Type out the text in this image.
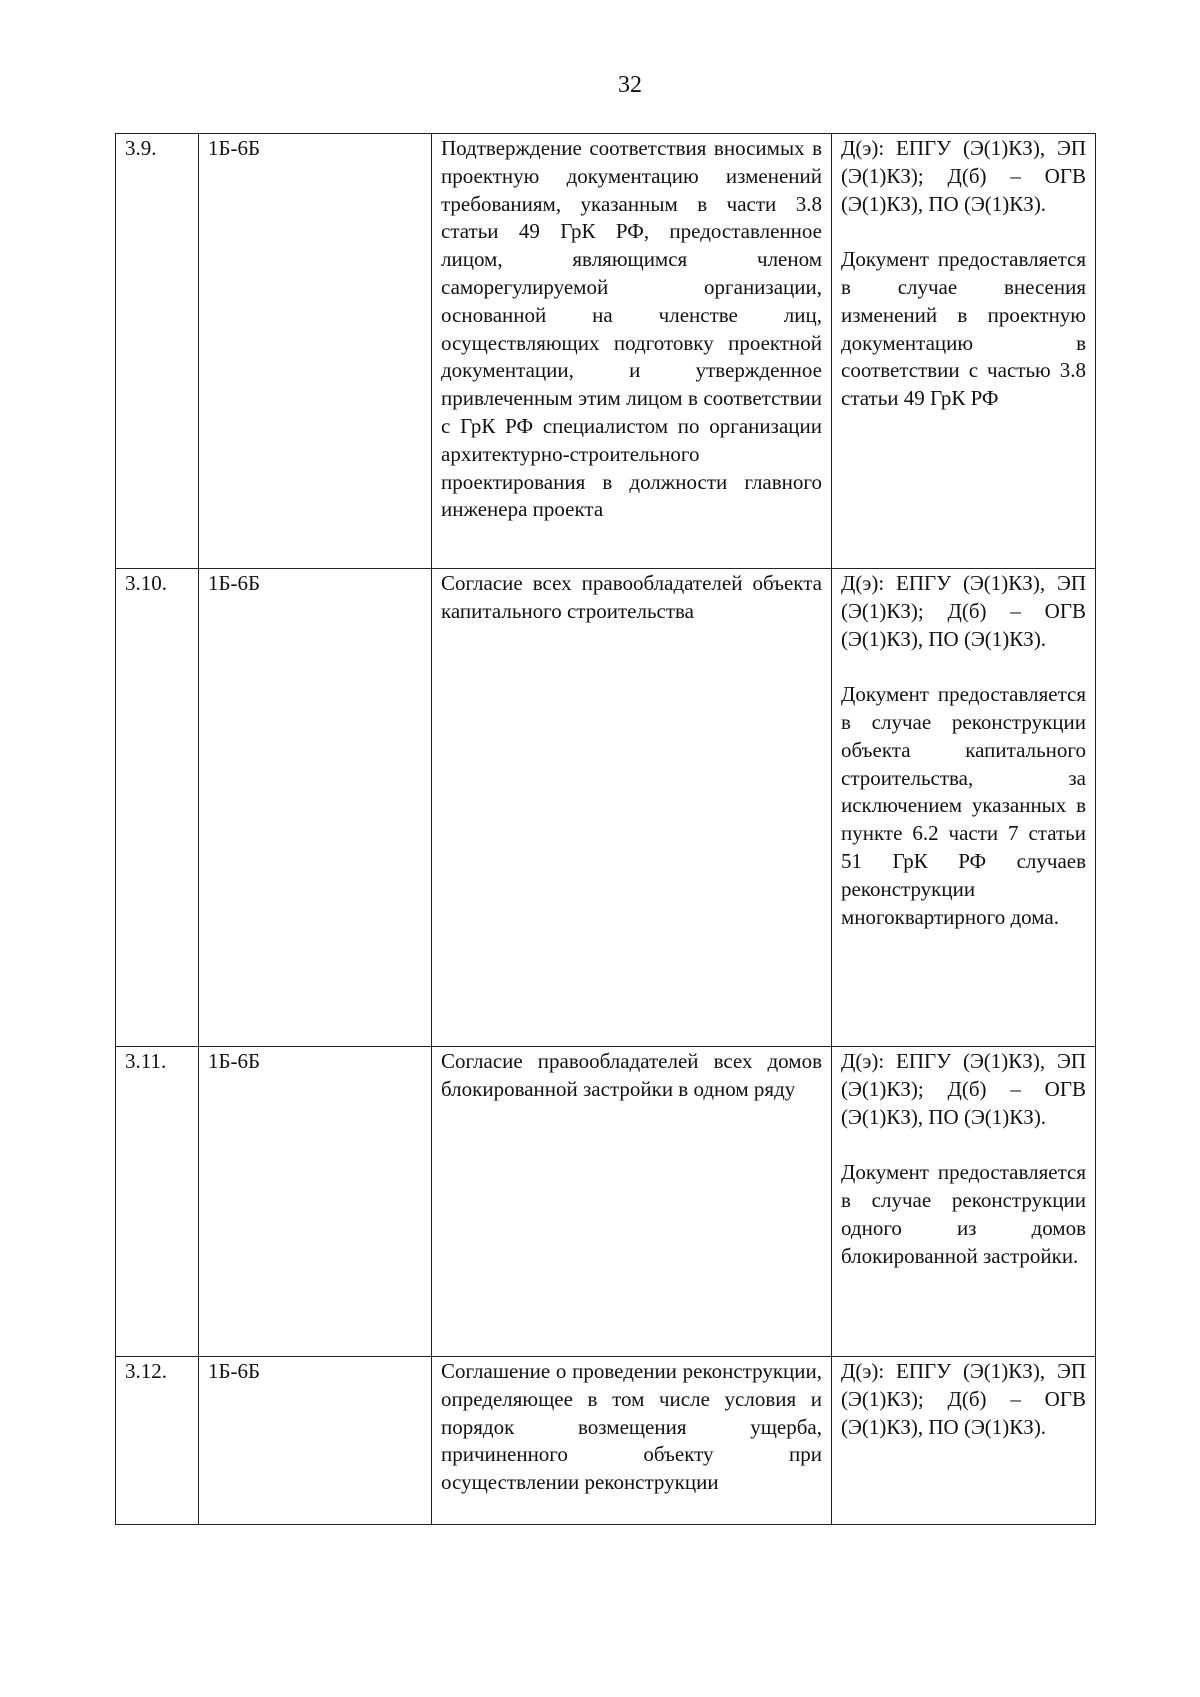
32
3.9.	1Б-6Б	Подтверждение соответствия вносимых в проектную документацию изменений требованиям, указанным в части 3.8 статьи 49 ГрК РФ, предоставленное лицом, являющимся членом саморегулируемой организации, основанной на членстве лиц, осуществляющих подготовку проектной документации, и утвержденное привлеченным этим лицом в соответствии с ГрК РФ специалистом по организации архитектурно-строительного проектирования в должности главного инженера проекта	Д(э): ЕПГУ (Э(1)КЗ), ЭП (Э(1)КЗ); Д(б) – ОГВ (Э(1)КЗ), ПО (Э(1)КЗ).

Документ предоставляется в случае внесения изменений в проектную документацию в соответствии с частью 3.8 статьи 49 ГрК РФ

3.10.	1Б-6Б	Согласие всех правообладателей объекта капитального строительства	Д(э): ЕПГУ (Э(1)КЗ), ЭП (Э(1)КЗ); Д(б) – ОГВ (Э(1)КЗ), ПО (Э(1)КЗ).

Документ предоставляется в случае реконструкции объекта капитального строительства, за исключением указанных в пункте 6.2 части 7 статьи 51 ГрК РФ случаев реконструкции многоквартирного дома.

3.11.	1Б-6Б	Согласие правообладателей всех домов блокированной застройки в одном ряду	Д(э): ЕПГУ (Э(1)КЗ), ЭП (Э(1)КЗ); Д(б) – ОГВ (Э(1)КЗ), ПО (Э(1)КЗ).

Документ предоставляется в случае реконструкции одного из домов блокированной застройки.

3.12.	1Б-6Б	Соглашение о проведении реконструкции, определяющее в том числе условия и порядок возмещения ущерба, причиненного объекту при осуществлении реконструкции	Д(э): ЕПГУ (Э(1)КЗ), ЭП (Э(1)КЗ); Д(б) – ОГВ (Э(1)КЗ), ПО (Э(1)КЗ).
